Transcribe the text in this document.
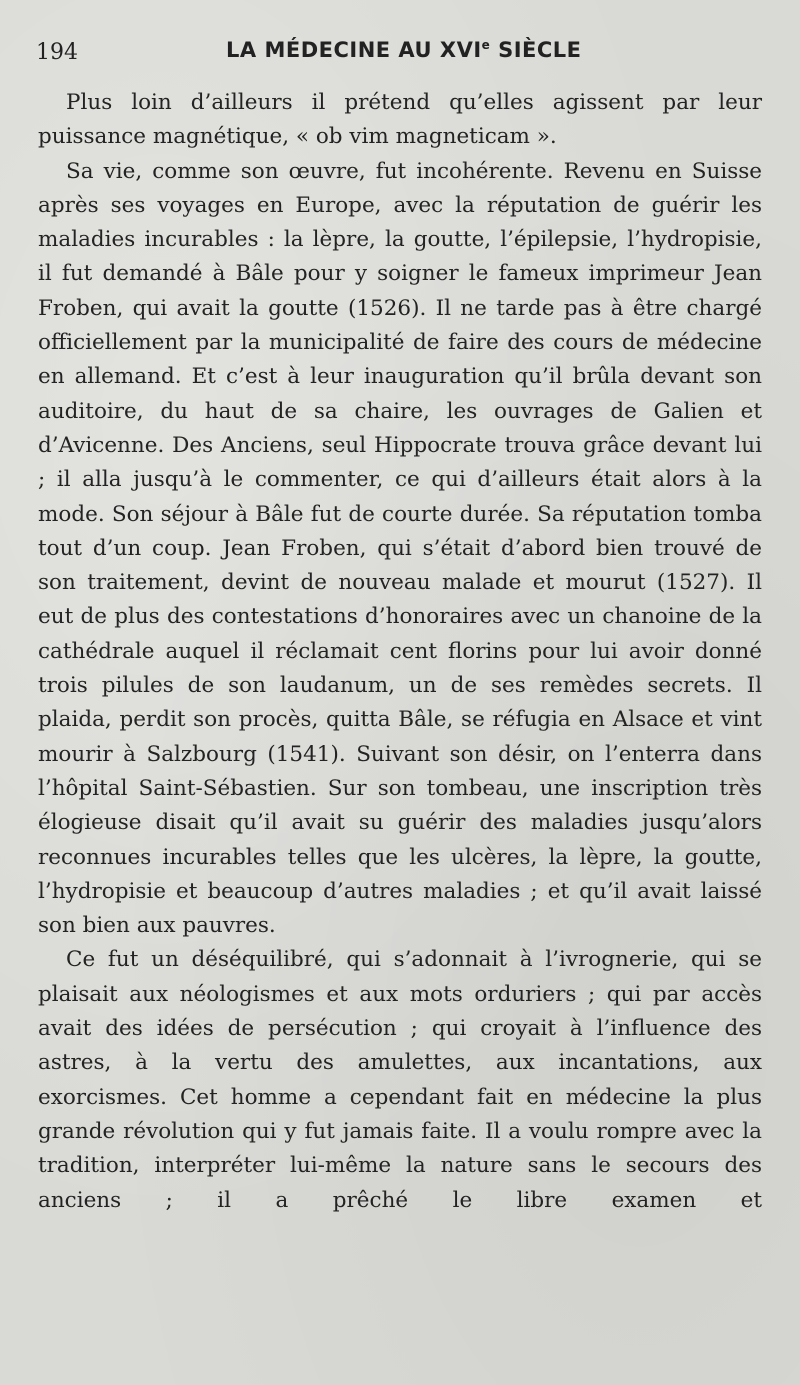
194	LA MÉDECINE AU XVIe SIÈCLE

Plus loin d’ailleurs il prétend qu’elles agissent par leur puissance magnétique, « ob vim magneticam ».

Sa vie, comme son œuvre, fut incohérente. Revenu en Suisse après ses voyages en Europe, avec la réputation de guérir les maladies incurables : la lèpre, la goutte, l’épilepsie, l’hydropisie, il fut demandé à Bâle pour y soigner le fameux imprimeur Jean Froben, qui avait la goutte (1526). Il ne tarde pas à être chargé officiellement par la municipalité de faire des cours de médecine en allemand. Et c’est à leur inauguration qu’il brûla devant son auditoire, du haut de sa chaire, les ouvrages de Galien et d’Avicenne. Des Anciens, seul Hippocrate trouva grâce devant lui ; il alla jusqu’à le commenter, ce qui d’ailleurs était alors à la mode. Son séjour à Bâle fut de courte durée. Sa réputation tomba tout d’un coup. Jean Froben, qui s’était d’abord bien trouvé de son traitement, devint de nouveau malade et mourut (1527). Il eut de plus des contestations d’honoraires avec un chanoine de la cathédrale auquel il réclamait cent florins pour lui avoir donné trois pilules de son laudanum, un de ses remèdes secrets. Il plaida, perdit son procès, quitta Bâle, se réfugia en Alsace et vint mourir à Salzbourg (1541). Suivant son désir, on l’enterra dans l’hôpital Saint-Sébastien. Sur son tombeau, une inscription très élogieuse disait qu’il avait su guérir des maladies jusqu’alors reconnues incurables telles que les ulcères, la lèpre, la goutte, l’hydropisie et beaucoup d’autres maladies ; et qu’il avait laissé son bien aux pauvres.

Ce fut un déséquilibré, qui s’adonnait à l’ivrognerie, qui se plaisait aux néologismes et aux mots orduriers ; qui par accès avait des idées de persécution ; qui croyait à l’influence des astres, à la vertu des amulettes, aux incantations, aux exorcismes. Cet homme a cependant fait en médecine la plus grande révolution qui y fut jamais faite. Il a voulu rompre avec la tradition, interpréter lui-même la nature sans le secours des anciens ; il a prêché le libre examen et
